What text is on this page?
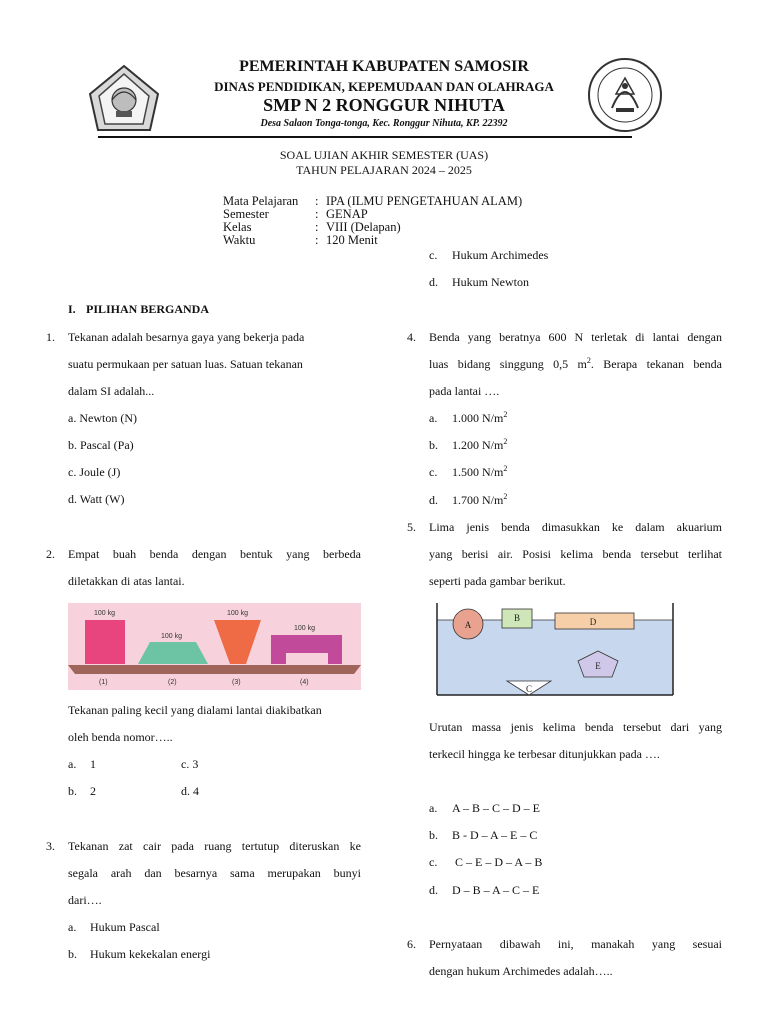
PEMERINTAH KABUPATEN SAMOSIR
DINAS PENDIDIKAN, KEPEMUDAAN DAN OLAHRAGA
SMP N 2 RONGGUR NIHUTA
Desa Salaon Tonga-tonga, Kec. Ronggur Nihuta, KP. 22392
SOAL UJIAN AKHIR SEMESTER (UAS)
TAHUN PELAJARAN 2024 – 2025
Mata Pelajaran	: IPA (ILMU PENGETAHUAN ALAM)
Semester	: GENAP
Kelas	: VIII (Delapan)
Waktu	: 120 Menit
I. PILIHAN BERGANDA
1. Tekanan adalah besarnya gaya yang bekerja pada
suatu permukaan per satuan luas. Satuan tekanan
dalam SI adalah...
a. Newton (N)
b. Pascal (Pa)
c. Joule (J)
d. Watt (W)
2. Empat buah benda dengan bentuk yang berbeda
diletakkan di atas lantai.
100 kg
100 kg
100 kg
100 kg
(1)	(2)	(3)	(4)
Tekanan paling kecil yang dialami lantai diakibatkan
oleh benda nomor…..
a. 1	c. 3
b. 2	d. 4
3. Tekanan zat cair pada ruang tertutup diteruskan ke
segala arah dan besarnya sama merupakan bunyi
dari….
a. Hukum Pascal
b. Hukum kekekalan energi
c. Hukum Archimedes
d. Hukum Newton
4. Benda yang beratnya 600 N terletak di lantai dengan
luas bidang singgung 0,5 $m^2$. Berapa tekanan benda
pada lantai ….
a. 1.000 $N/m^2$
b. 1.200 $N/m^2$
c. 1.500 $N/m^2$
d. 1.700 $N/m^2$
5. Lima jenis benda dimasukkan ke dalam akuarium
yang berisi air. Posisi kelima benda tersebut terlihat
seperti pada gambar berikut.
A
B
C
D
E
Urutan massa jenis kelima benda tersebut dari yang
terkecil hingga ke terbesar ditunjukkan pada ….
a. A – B – C – D – E
b. B - D – A – E – C
c. C – E – D – A – B
d. D – B – A – C – E
6. Pernyataan dibawah ini, manakah yang sesuai
dengan hukum Archimedes adalah…..
